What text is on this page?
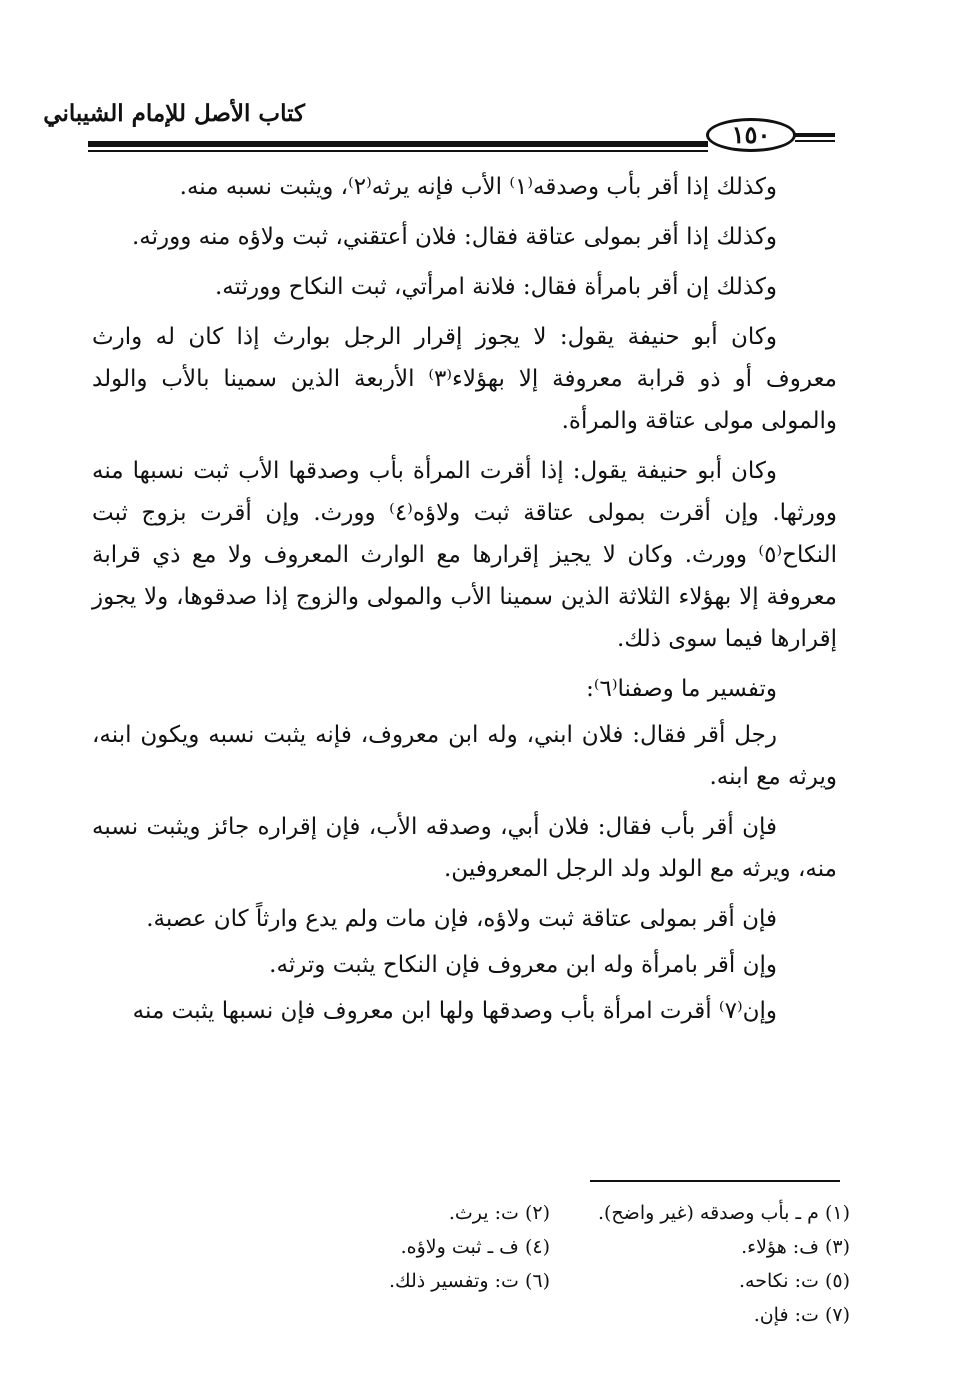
كتاب الأصل للإمام الشيباني
١٥٠

وكذلك إذا أقر بأب وصدقه⁽١⁾ الأب فإنه يرثه⁽٢⁾، ويثبت نسبه منه.

وكذلك إذا أقر بمولى عتاقة فقال: فلان أعتقني، ثبت ولاؤه منه وورثه.

وكذلك إن أقر بامرأة فقال: فلانة امرأتي، ثبت النكاح وورثته.

وكان أبو حنيفة يقول: لا يجوز إقرار الرجل بوارث إذا كان له وارث معروف أو ذو قرابة معروفة إلا بهؤلاء⁽٣⁾ الأربعة الذين سمينا بالأب والولد والمولى مولى عتاقة والمرأة.

وكان أبو حنيفة يقول: إذا أقرت المرأة بأب وصدقها الأب ثبت نسبها منه وورثها. وإن أقرت بمولى عتاقة ثبت ولاؤه⁽٤⁾ وورث. وإن أقرت بزوج ثبت النكاح⁽٥⁾ وورث. وكان لا يجيز إقرارها مع الوارث المعروف ولا مع ذي قرابة معروفة إلا بهؤلاء الثلاثة الذين سمينا الأب والمولى والزوج إذا صدقوها، ولا يجوز إقرارها فيما سوى ذلك.

وتفسير ما وصفنا⁽٦⁾:

رجل أقر فقال: فلان ابني، وله ابن معروف، فإنه يثبت نسبه ويكون ابنه، ويرثه مع ابنه.

فإن أقر بأب فقال: فلان أبي، وصدقه الأب، فإن إقراره جائز ويثبت نسبه منه، ويرثه مع الولد ولد الرجل المعروفين.

فإن أقر بمولى عتاقة ثبت ولاؤه، فإن مات ولم يدع وارثاً كان عصبة.

وإن أقر بامرأة وله ابن معروف فإن النكاح يثبت وترثه.

وإن⁽٧⁾ أقرت امرأة بأب وصدقها ولها ابن معروف فإن نسبها يثبت منه

(١) م ـ بأب وصدقه (غير واضح).
(٢) ت: يرث.
(٣) ف: هؤلاء.
(٤) ف ـ ثبت ولاؤه.
(٥) ت: نكاحه.
(٦) ت: وتفسير ذلك.
(٧) ت: فإن.
